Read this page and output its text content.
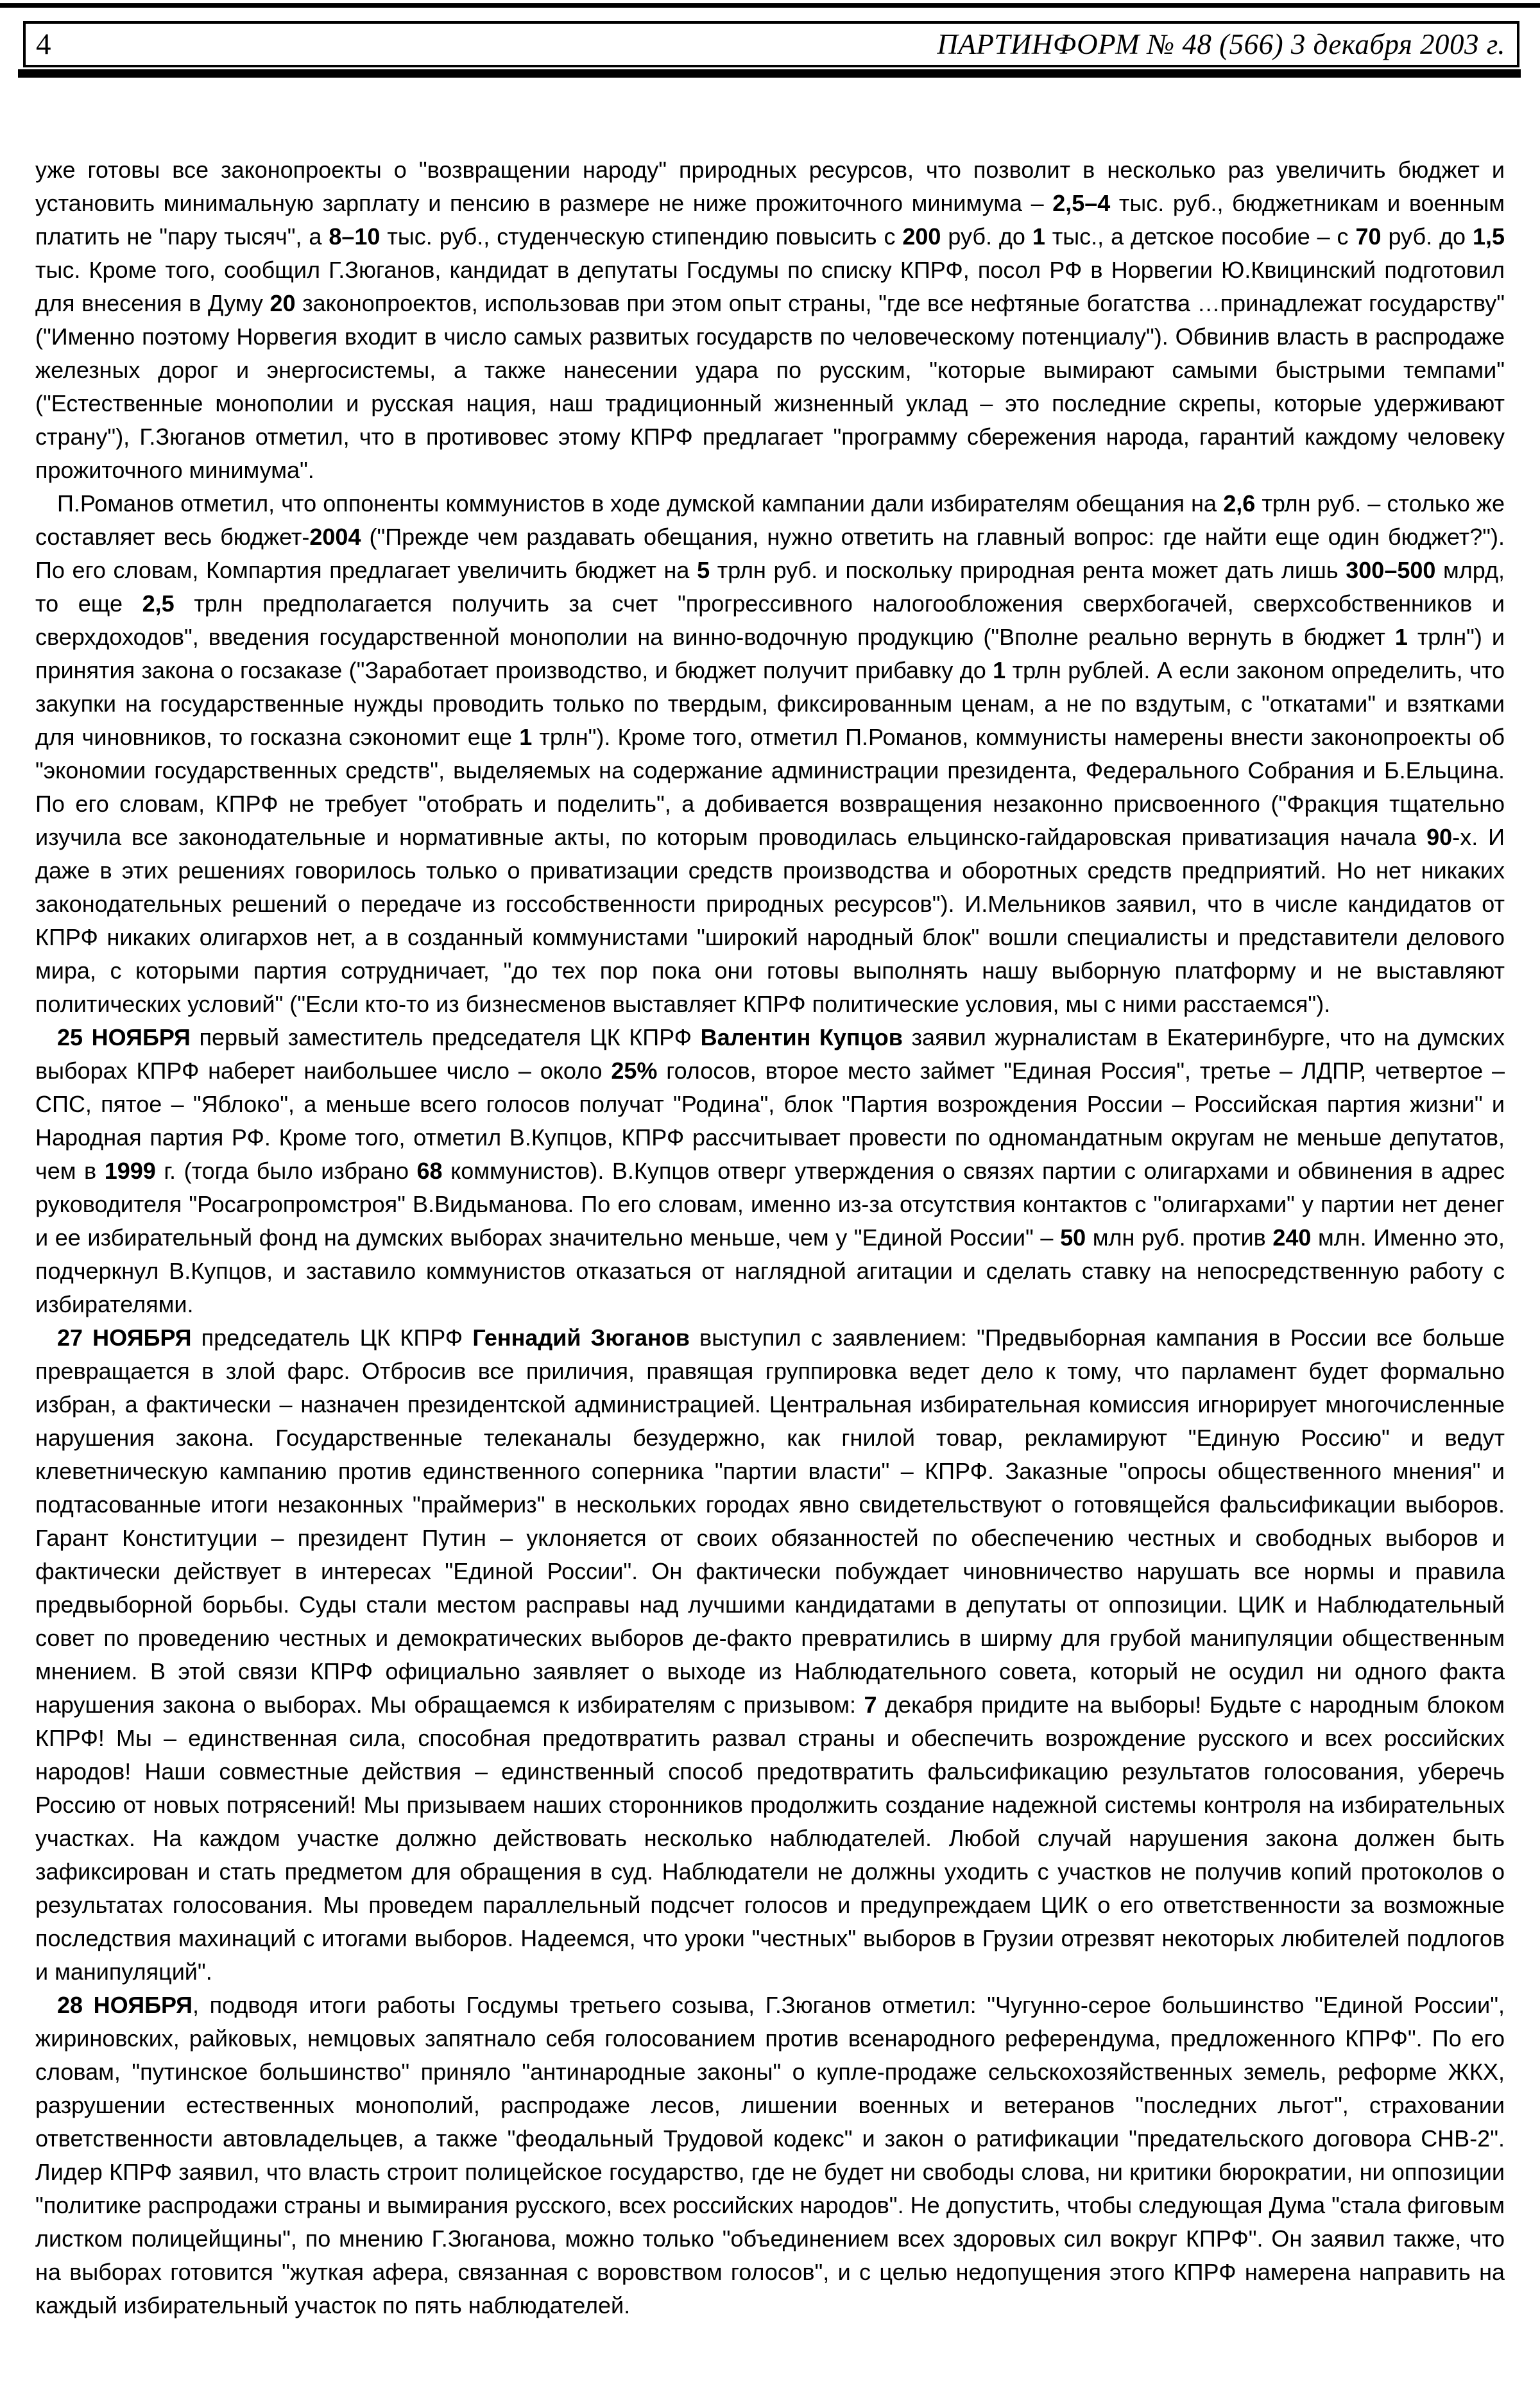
4	ПАРТИНФОРМ № 48 (566) 3 декабря 2003 г.

уже готовы все законопроекты о "возвращении народу" природных ресурсов, что позволит в несколько раз увеличить бюджет и установить минимальную зарплату и пенсию в размере не ниже прожиточного минимума – 2,5–4 тыс. руб., бюджетникам и военным платить не "пару тысяч", а 8–10 тыс. руб., студенческую стипендию повысить с 200 руб. до 1 тыс., а детское пособие – с 70 руб. до 1,5 тыс. Кроме того, сообщил Г.Зюганов, кандидат в депутаты Госдумы по списку КПРФ, посол РФ в Норвегии Ю.Квицинский подготовил для внесения в Думу 20 законопроектов, использовав при этом опыт страны, "где все нефтяные богатства …принадлежат государству" ("Именно поэтому Норвегия входит в число самых развитых государств по человеческому потенциалу"). Обвинив власть в распродаже железных дорог и энергосистемы, а также нанесении удара по русским, "которые вымирают самыми быстрыми темпами" ("Естественные монополии и русская нация, наш традиционный жизненный уклад – это последние скрепы, которые удерживают страну"), Г.Зюганов отметил, что в противовес этому КПРФ предлагает "программу сбережения народа, гарантий каждому человеку прожиточного минимума".

П.Романов отметил, что оппоненты коммунистов в ходе думской кампании дали избирателям обещания на 2,6 трлн руб. – столько же составляет весь бюджет-2004 ("Прежде чем раздавать обещания, нужно ответить на главный вопрос: где найти еще один бюджет?"). По его словам, Компартия предлагает увеличить бюджет на 5 трлн руб. и поскольку природная рента может дать лишь 300–500 млрд, то еще 2,5 трлн предполагается получить за счет "прогрессивного налогообложения сверхбогачей, сверхсобственников и сверхдоходов", введения государственной монополии на винно-водочную продукцию ("Вполне реально вернуть в бюджет 1 трлн") и принятия закона о госзаказе ("Заработает производство, и бюджет получит прибавку до 1 трлн рублей. А если законом определить, что закупки на государственные нужды проводить только по твердым, фиксированным ценам, а не по вздутым, с "откатами" и взятками для чиновников, то госказна сэкономит еще 1 трлн"). Кроме того, отметил П.Романов, коммунисты намерены внести законопроекты об "экономии государственных средств", выделяемых на содержание администрации президента, Федерального Собрания и Б.Ельцина. По его словам, КПРФ не требует "отобрать и поделить", а добивается возвращения незаконно присвоенного ("Фракция тщательно изучила все законодательные и нормативные акты, по которым проводилась ельцинско-гайдаровская приватизация начала 90-х. И даже в этих решениях говорилось только о приватизации средств производства и оборотных средств предприятий. Но нет никаких законодательных решений о передаче из госсобственности природных ресурсов"). И.Мельников заявил, что в числе кандидатов от КПРФ никаких олигархов нет, а в созданный коммунистами "широкий народный блок" вошли специалисты и представители делового мира, с которыми партия сотрудничает, "до тех пор пока они готовы выполнять нашу выборную платформу и не выставляют политических условий" ("Если кто-то из бизнесменов выставляет КПРФ политические условия, мы с ними расстаемся").

25 НОЯБРЯ первый заместитель председателя ЦК КПРФ Валентин Купцов заявил журналистам в Екатеринбурге, что на думских выборах КПРФ наберет наибольшее число – около 25% голосов, второе место займет "Единая Россия", третье – ЛДПР, четвертое – СПС, пятое – "Яблоко", а меньше всего голосов получат "Родина", блок "Партия возрождения России – Российская партия жизни" и Народная партия РФ. Кроме того, отметил В.Купцов, КПРФ рассчитывает провести по одномандатным округам не меньше депутатов, чем в 1999 г. (тогда было избрано 68 коммунистов). В.Купцов отверг утверждения о связях партии с олигархами и обвинения в адрес руководителя "Росагропромстроя" В.Видьманова. По его словам, именно из-за отсутствия контактов с "олигархами" у партии нет денег и ее избирательный фонд на думских выборах значительно меньше, чем у "Единой России" – 50 млн руб. против 240 млн. Именно это, подчеркнул В.Купцов, и заставило коммунистов отказаться от наглядной агитации и сделать ставку на непосредственную работу с избирателями.

27 НОЯБРЯ председатель ЦК КПРФ Геннадий Зюганов выступил с заявлением: "Предвыборная кампания в России все больше превращается в злой фарс. Отбросив все приличия, правящая группировка ведет дело к тому, что парламент будет формально избран, а фактически – назначен президентской администрацией. Центральная избирательная комиссия игнорирует многочисленные нарушения закона. Государственные телеканалы безудержно, как гнилой товар, рекламируют "Единую Россию" и ведут клеветническую кампанию против единственного соперника "партии власти" – КПРФ. Заказные "опросы общественного мнения" и подтасованные итоги незаконных "праймериз" в нескольких городах явно свидетельствуют о готовящейся фальсификации выборов. Гарант Конституции – президент Путин – уклоняется от своих обязанностей по обеспечению честных и свободных выборов и фактически действует в интересах "Единой России". Он фактически побуждает чиновничество нарушать все нормы и правила предвыборной борьбы. Суды стали местом расправы над лучшими кандидатами в депутаты от оппозиции. ЦИК и Наблюдательный совет по проведению честных и демократических выборов де-факто превратились в ширму для грубой манипуляции общественным мнением. В этой связи КПРФ официально заявляет о выходе из Наблюдательного совета, который не осудил ни одного факта нарушения закона о выборах. Мы обращаемся к избирателям с призывом: 7 декабря придите на выборы! Будьте с народным блоком КПРФ! Мы – единственная сила, способная предотвратить развал страны и обеспечить возрождение русского и всех российских народов! Наши совместные действия – единственный способ предотвратить фальсификацию результатов голосования, уберечь Россию от новых потрясений! Мы призываем наших сторонников продолжить создание надежной системы контроля на избирательных участках. На каждом участке должно действовать несколько наблюдателей. Любой случай нарушения закона должен быть зафиксирован и стать предметом для обращения в суд. Наблюдатели не должны уходить с участков не получив копий протоколов о результатах голосования. Мы проведем параллельный подсчет голосов и предупреждаем ЦИК о его ответственности за возможные последствия махинаций с итогами выборов. Надеемся, что уроки "честных" выборов в Грузии отрезвят некоторых любителей подлогов и манипуляций".

28 НОЯБРЯ, подводя итоги работы Госдумы третьего созыва, Г.Зюганов отметил: "Чугунно-серое большинство "Единой России", жириновских, райковых, немцовых запятнало себя голосованием против всенародного референдума, предложенного КПРФ". По его словам, "путинское большинство" приняло "антинародные законы" о купле-продаже сельскохозяйственных земель, реформе ЖКХ, разрушении естественных монополий, распродаже лесов, лишении военных и ветеранов "последних льгот", страховании ответственности автовладельцев, а также "феодальный Трудовой кодекс" и закон о ратификации "предательского договора СНВ-2". Лидер КПРФ заявил, что власть строит полицейское государство, где не будет ни свободы слова, ни критики бюрократии, ни оппозиции "политике распродажи страны и вымирания русского, всех российских народов". Не допустить, чтобы следующая Дума "стала фиговым листком полицейщины", по мнению Г.Зюганова, можно только "объединением всех здоровых сил вокруг КПРФ". Он заявил также, что на выборах готовится "жуткая афера, связанная с воровством голосов", и с целью недопущения этого КПРФ намерена направить на каждый избирательный участок по пять наблюдателей.
